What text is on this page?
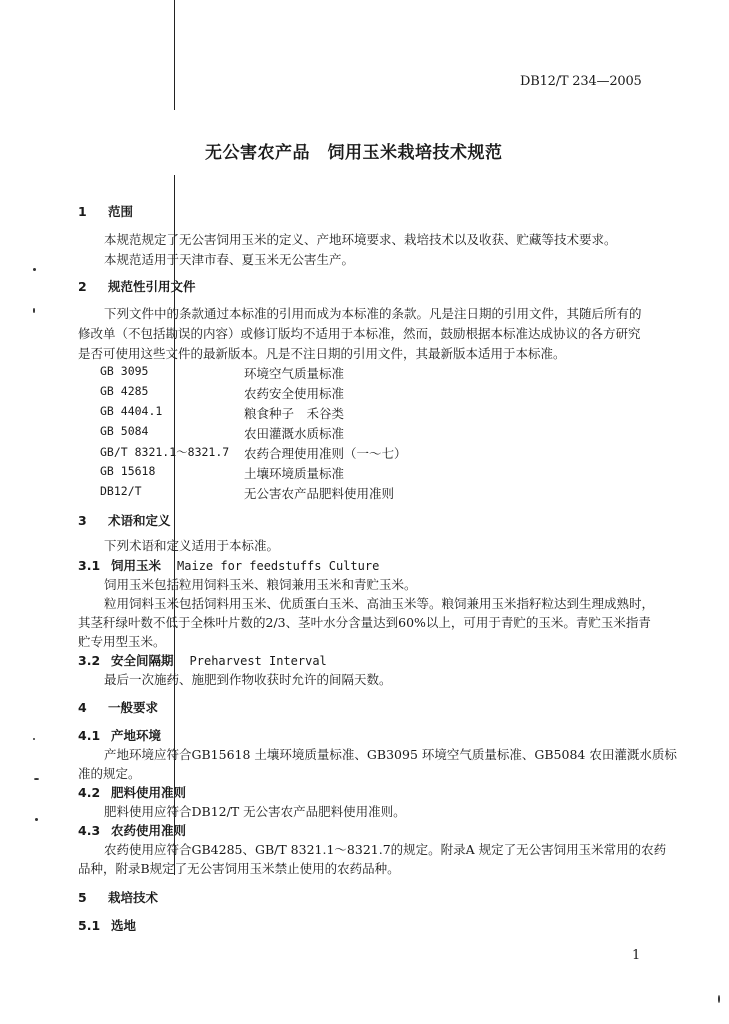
DB12/T 234—2005
无公害农产品　饲用玉米栽培技术规范
1 范围
本规范规定了无公害饲用玉米的定义、产地环境要求、栽培技术以及收获、贮藏等技术要求。
本规范适用于天津市春、夏玉米无公害生产。
2 规范性引用文件
下列文件中的条款通过本标准的引用而成为本标准的条款。凡是注日期的引用文件，其随后所有的
修改单（不包括勘误的内容）或修订版均不适用于本标准，然而，鼓励根据本标准达成协议的各方研究
是否可使用这些文件的最新版本。凡是不注日期的引用文件，其最新版本适用于本标准。
GB 3095	环境空气质量标准
GB 4285	农药安全使用标准
GB 4404.1	粮食种子　禾谷类
GB 5084	农田灌溉水质标准
GB/T 8321.1～8321.7 农药合理使用准则（一～七）
GB 15618	土壤环境质量标准
DB12/T	无公害农产品肥料使用准则
3 术语和定义
下列术语和定义适用于本标准。
3.1 饲用玉米 Maize for feedstuffs Culture
饲用玉米包括粒用饲料玉米、粮饲兼用玉米和青贮玉米。
粒用饲料玉米包括饲料用玉米、优质蛋白玉米、高油玉米等。粮饲兼用玉米指籽粒达到生理成熟时，
其茎秆绿叶数不低于全株叶片数的2/3、茎叶水分含量达到60%以上，可用于青贮的玉米。青贮玉米指青
贮专用型玉米。
3.2 安全间隔期 Preharvest Interval
最后一次施药、施肥到作物收获时允许的间隔天数。
4 一般要求
4.1 产地环境
产地环境应符合GB15618 土壤环境质量标准、GB3095 环境空气质量标准、GB5084 农田灌溉水质标
准的规定。
4.2 肥料使用准则
肥料使用应符合DB12/T 无公害农产品肥料使用准则。
4.3 农药使用准则
农药使用应符合GB4285、GB/T 8321.1～8321.7的规定。附录A 规定了无公害饲用玉米常用的农药
品种，附录B规定了无公害饲用玉米禁止使用的农药品种。
5 栽培技术
5.1 选地
1
